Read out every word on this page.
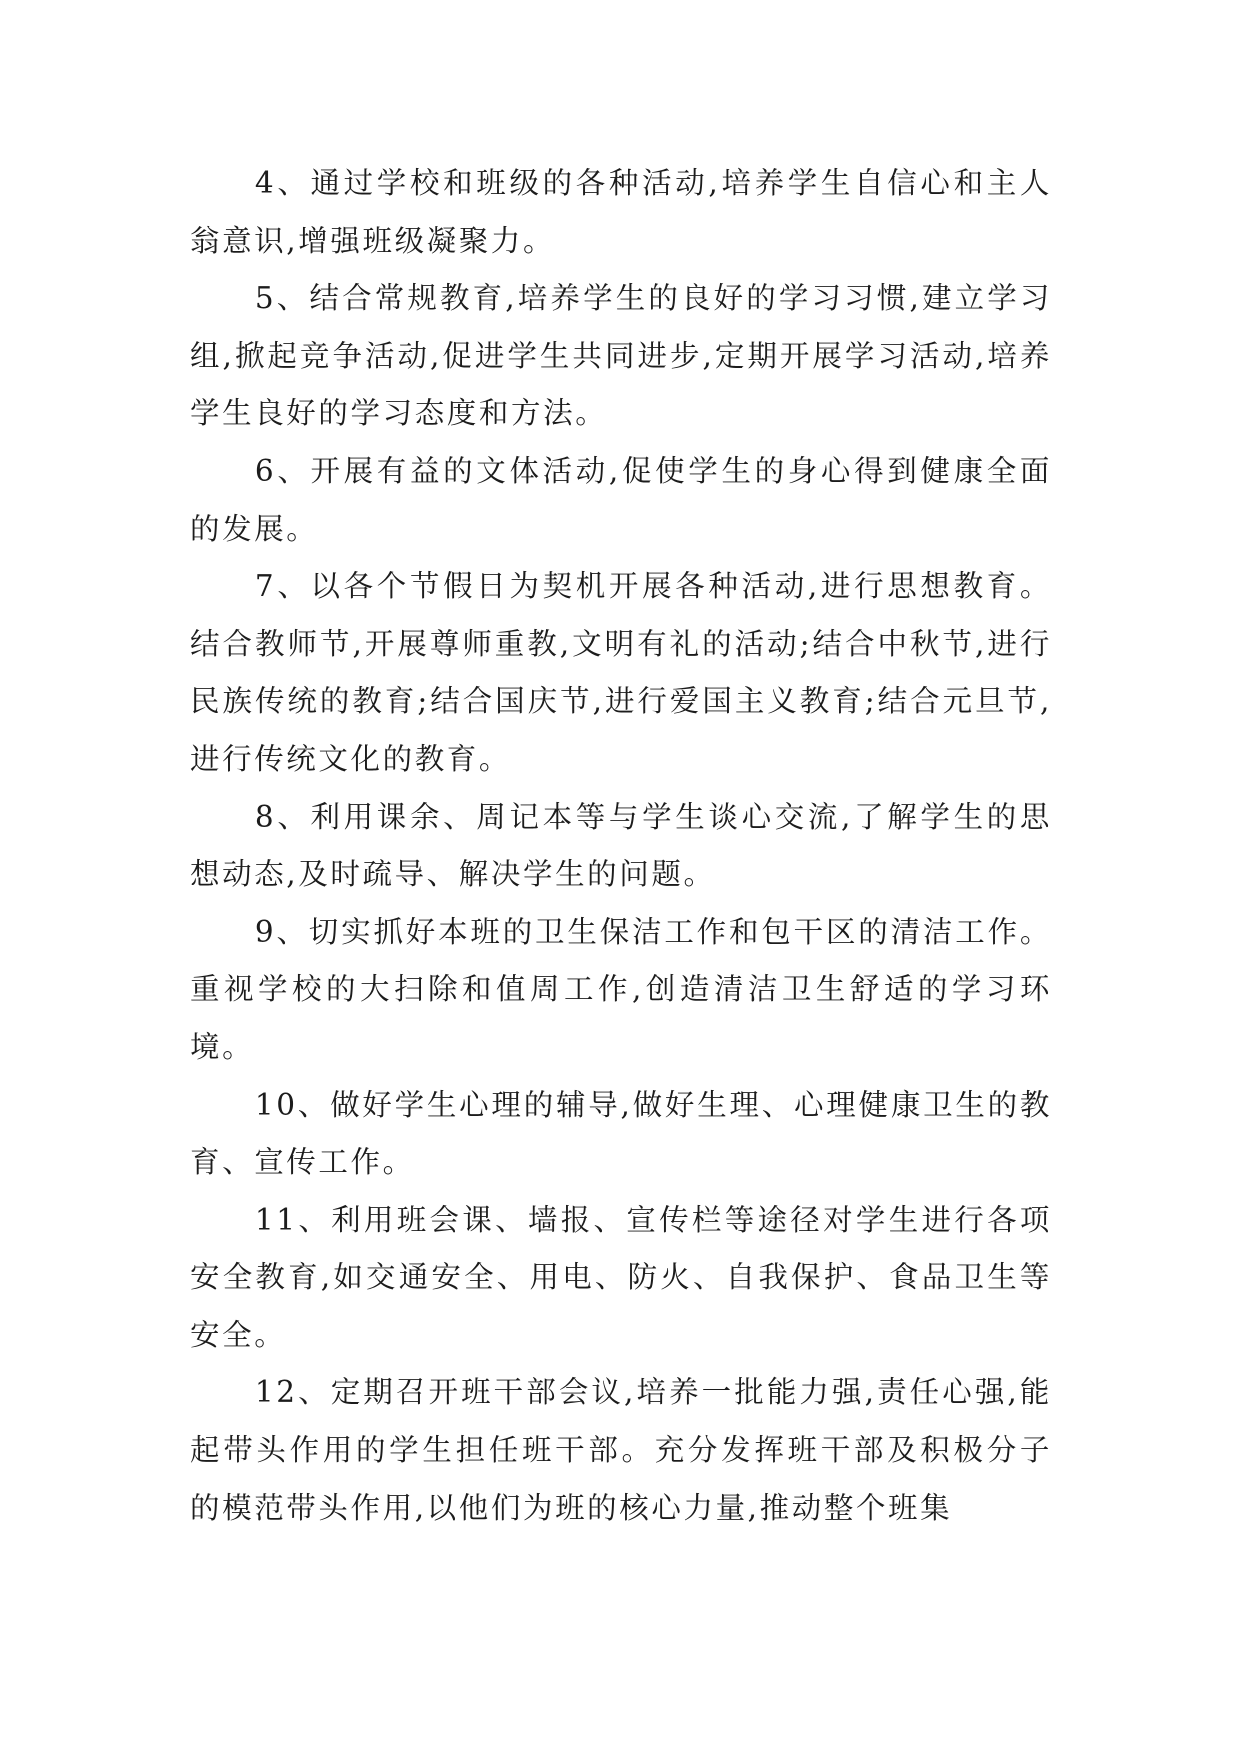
4、通过学校和班级的各种活动,培养学生自信心和主人翁意识,增强班级凝聚力。

5、结合常规教育,培养学生的良好的学习习惯,建立学习组,掀起竞争活动,促进学生共同进步,定期开展学习活动,培养学生良好的学习态度和方法。

6、开展有益的文体活动,促使学生的身心得到健康全面的发展。

7、以各个节假日为契机开展各种活动,进行思想教育。结合教师节,开展尊师重教,文明有礼的活动;结合中秋节,进行民族传统的教育;结合国庆节,进行爱国主义教育;结合元旦节,进行传统文化的教育。

8、利用课余、周记本等与学生谈心交流,了解学生的思想动态,及时疏导、解决学生的问题。

9、切实抓好本班的卫生保洁工作和包干区的清洁工作。重视学校的大扫除和值周工作,创造清洁卫生舒适的学习环境。

10、做好学生心理的辅导,做好生理、心理健康卫生的教育、宣传工作。

11、利用班会课、墙报、宣传栏等途径对学生进行各项安全教育,如交通安全、用电、防火、自我保护、食品卫生等安全。

12、定期召开班干部会议,培养一批能力强,责任心强,能起带头作用的学生担任班干部。充分发挥班干部及积极分子的模范带头作用,以他们为班的核心力量,推动整个班集
